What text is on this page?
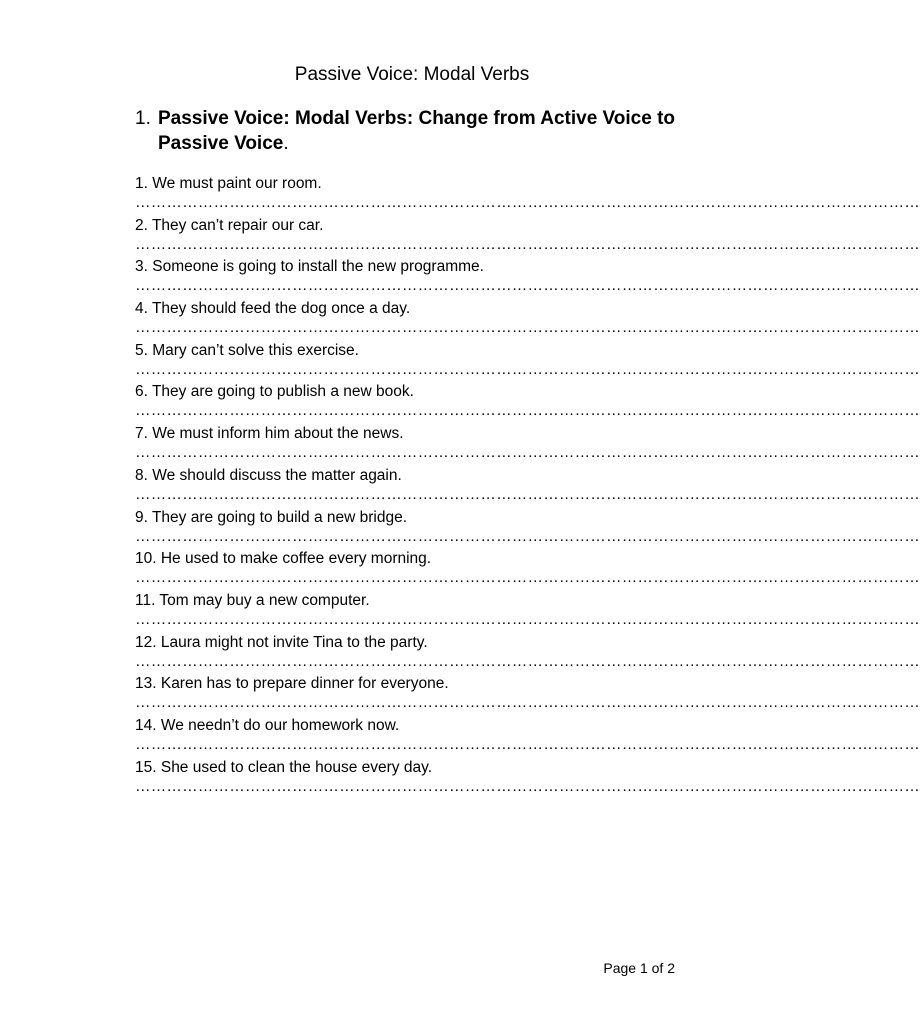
Passive Voice: Modal Verbs
1. Passive Voice: Modal Verbs: Change from Active Voice to Passive Voice.
1. We must paint our room.
……………………………………………………………………………………………………………………………………
2. They can’t repair our car.
……………………………………………………………………………………………………………………………………
3. Someone is going to install the new programme.
……………………………………………………………………………………………………………………………………
4. They should feed the dog once a day.
……………………………………………………………………………………………………………………………………
5. Mary can’t solve this exercise.
……………………………………………………………………………………………………………………………………
6. They are going to publish a new book.
……………………………………………………………………………………………………………………………………
7. We must inform him about the news.
……………………………………………………………………………………………………………………………………
8. We should discuss the matter again.
……………………………………………………………………………………………………………………………………
9. They are going to build a new bridge.
……………………………………………………………………………………………………………………………………
10. He used to make coffee every morning.
……………………………………………………………………………………………………………………………………
11. Tom may buy a new computer.
……………………………………………………………………………………………………………………………………
12. Laura might not invite Tina to the party.
……………………………………………………………………………………………………………………………………
13. Karen has to prepare dinner for everyone.
……………………………………………………………………………………………………………………………………
14. We needn’t do our homework now.
……………………………………………………………………………………………………………………………………
15. She used to clean the house every day.
……………………………………………………………………………………………………………………………………
Page 1 of 2
